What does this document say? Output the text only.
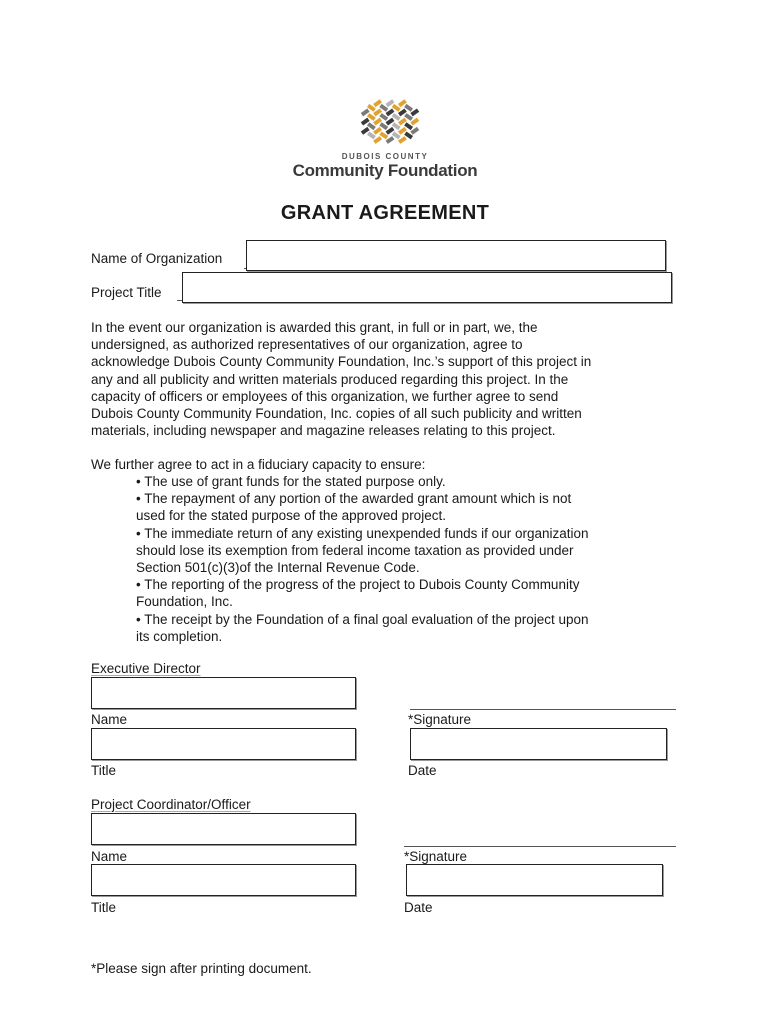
DUBOIS COUNTY
Community Foundation
GRANT AGREEMENT
Name of Organization
Project Title
In the event our organization is awarded this grant, in full or in part, we, the
undersigned, as authorized representatives of our organization, agree to
acknowledge Dubois County Community Foundation, Inc.’s support of this project in
any and all publicity and written materials produced regarding this project. In the
capacity of officers or employees of this organization, we further agree to send
Dubois County Community Foundation, Inc. copies of all such publicity and written
materials, including newspaper and magazine releases relating to this project.
We further agree to act in a fiduciary capacity to ensure:
• The use of grant funds for the stated purpose only.
• The repayment of any portion of the awarded grant amount which is not
used for the stated purpose of the approved project.
• The immediate return of any existing unexpended funds if our organization
should lose its exemption from federal income taxation as provided under
Section 501(c)(3)of the Internal Revenue Code.
• The reporting of the progress of the project to Dubois County Community
Foundation, Inc.
• The receipt by the Foundation of a final goal evaluation of the project upon
its completion.
Executive Director
Name	*Signature
Title	Date
Project Coordinator/Officer
Name	*Signature
Title	Date
*Please sign after printing document.
